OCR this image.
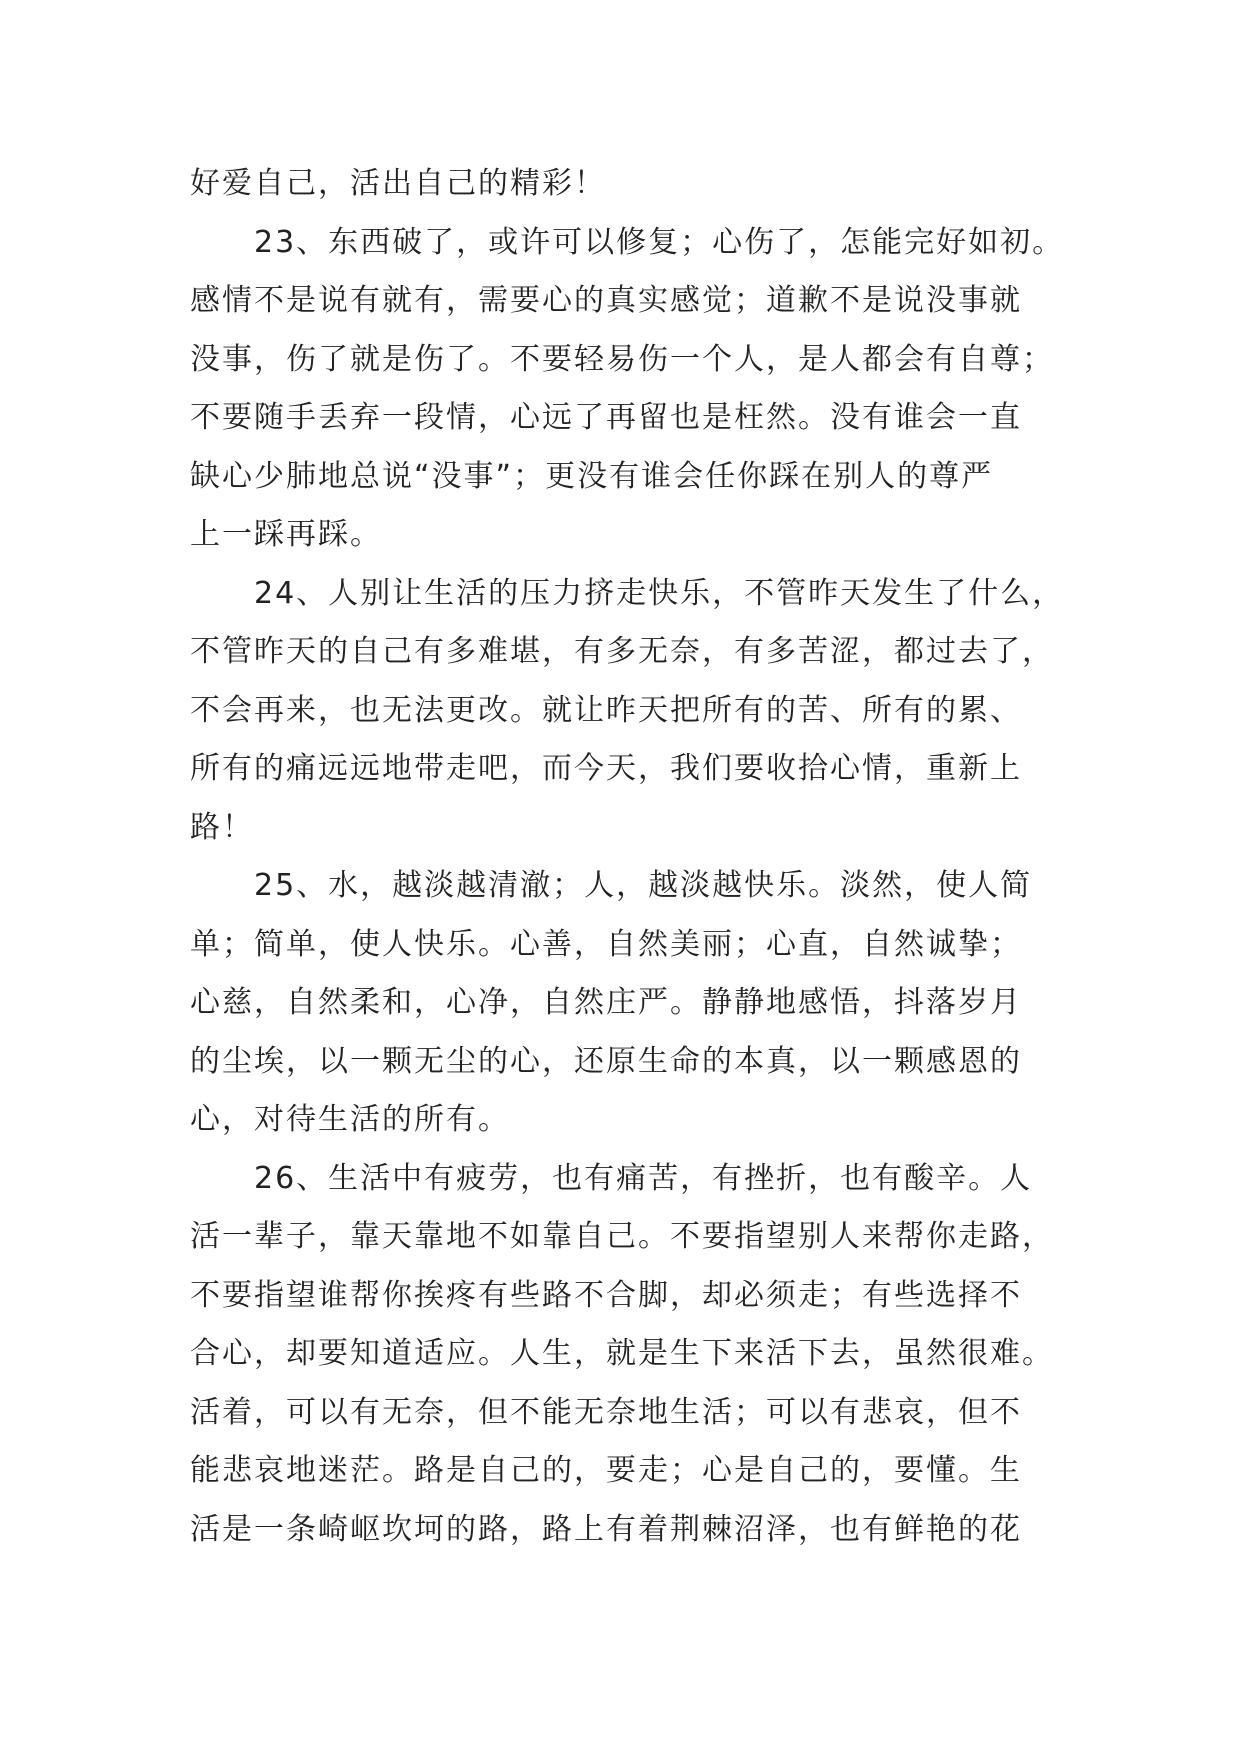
好爱自己，活出自己的精彩！
23、东西破了，或许可以修复；心伤了，怎能完好如初。
感情不是说有就有，需要心的真实感觉；道歉不是说没事就
没事，伤了就是伤了。不要轻易伤一个人，是人都会有自尊；
不要随手丢弃一段情，心远了再留也是枉然。没有谁会一直
缺心少肺地总说“没事”；更没有谁会任你踩在别人的尊严
上一踩再踩。
24、人别让生活的压力挤走快乐，不管昨天发生了什么，
不管昨天的自己有多难堪，有多无奈，有多苦涩，都过去了，
不会再来，也无法更改。就让昨天把所有的苦、所有的累、
所有的痛远远地带走吧，而今天，我们要收拾心情，重新上
路！
25、水，越淡越清澈；人，越淡越快乐。淡然，使人简
单；简单，使人快乐。心善，自然美丽；心直，自然诚挚；
心慈，自然柔和，心净，自然庄严。静静地感悟，抖落岁月
的尘埃，以一颗无尘的心，还原生命的本真，以一颗感恩的
心，对待生活的所有。
26、生活中有疲劳，也有痛苦，有挫折，也有酸辛。人
活一辈子，靠天靠地不如靠自己。不要指望别人来帮你走路，
不要指望谁帮你挨疼有些路不合脚，却必须走；有些选择不
合心，却要知道适应。人生，就是生下来活下去，虽然很难。
活着，可以有无奈，但不能无奈地生活；可以有悲哀，但不
能悲哀地迷茫。路是自己的，要走；心是自己的，要懂。生
活是一条崎岖坎坷的路，路上有着荆棘沼泽，也有鲜艳的花
